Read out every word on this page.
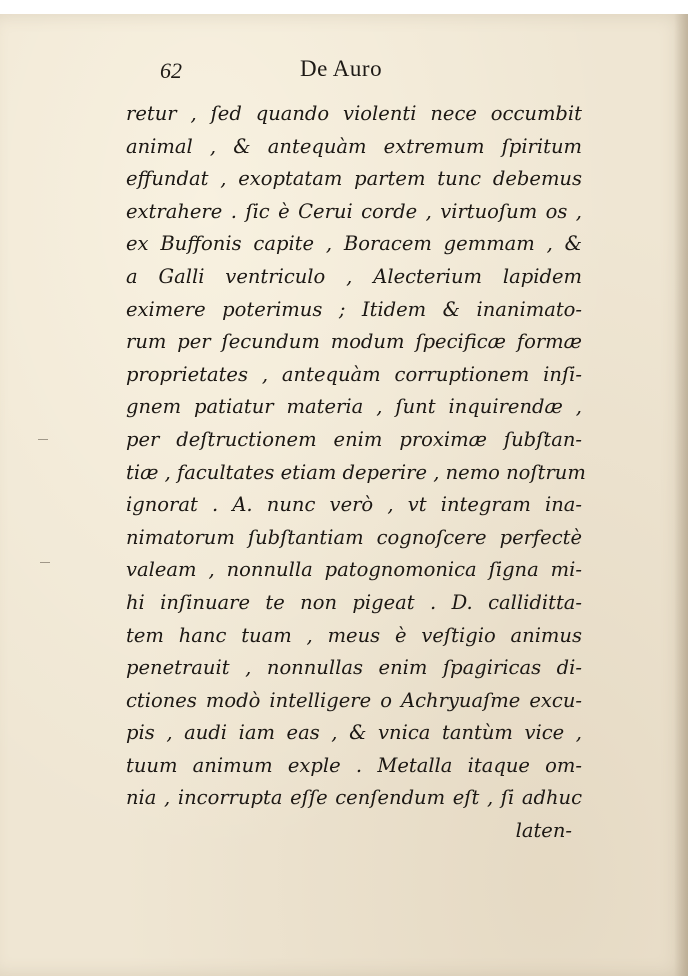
62	De Auro
retur , ſed quando violenti nece occumbit
animal , & antequàm extremum ſpiritum
effundat , exoptatam partem tunc debemus
extrahere . ſic è Cerui corde , virtuoſum os ,
ex Buffonis capite , Boracem gemmam , &
a Galli ventriculo , Alecterium lapidem
eximere poterimus ; Itidem & inanimato-
rum per ſecundum modum ſpecificæ formæ
proprietates , antequàm corruptionem inſi-
gnem patiatur materia , ſunt inquirendæ ,
per deſtructionem enim proximæ ſubſtan-
tiæ , facultates etiam deperire , nemo noſtrum
ignorat . A. nunc verò , vt integram ina-
nimatorum ſubſtantiam cognoſcere perfectè
valeam , nonnulla patognomonica ſigna mi-
hi inſinuare te non pigeat . D. calliditta-
tem hanc tuam , meus è veſtigio animus
penetrauit , nonnullas enim ſpagiricas di-
ctiones modò intelligere o Achryuaſme excu-
pis , audi iam eas , & vnica tantùm vice ,
tuum animum exple . Metalla itaque om-
nia , incorrupta eſſe cenſendum eſt , ſi adhuc
laten-
